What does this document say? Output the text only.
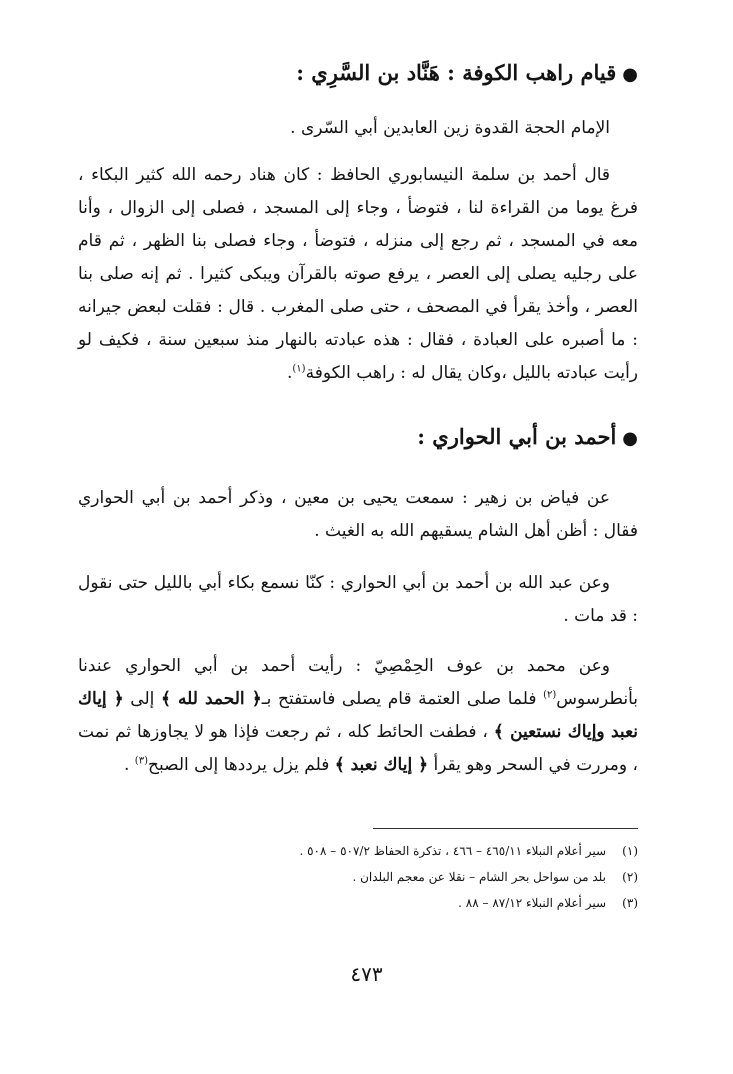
●قيام راهب الكوفة : هَنَّاد بن السَّرِي :

الإمام الحجة القدوة زين العابدين أبي السّرى .

قال أحمد بن سلمة النيسابوري الحافظ : كان هناد رحمه الله كثير البكاء ، فرغ يوما من القراءة لنا ، فتوضأ ، وجاء إلى المسجد ، فصلى إلى الزوال ، وأنا معه في المسجد ، ثم رجع إلى منزله ، فتوضأ ، وجاء فصلى بنا الظهر ، ثم قام على رجليه يصلى إلى العصر ، يرفع صوته بالقرآن ويبكى كثيرا . ثم إنه صلى بنا العصر ، وأخذ يقرأ في المصحف ، حتى صلى المغرب . قال : فقلت لبعض جيرانه : ما أصبره على العبادة ، فقال : هذه عبادته بالنهار منذ سبعين سنة ، فكيف لو رأيت عبادته بالليل ،وكان يقال له : راهب الكوفة$^{(١)}$.

●أحمد بن أبي الحواري :

عن فياض بن زهير : سمعت يحيى بن معين ، وذكر أحمد بن أبي الحواري فقال : أظن أهل الشام يسقيهم الله به الغيث .

وعن عبد الله بن أحمد بن أبي الحواري : كنّا نسمع بكاء أبي بالليل حتى نقول : قد مات .

وعن محمد بن عوف الحِمْصِيّ : رأيت أحمد بن أبي الحواري عندنا بأنطرسوس$^{(٢)}$ فلما صلى العتمة قام يصلى فاستفتح بـ﴿ الحمد لله ﴾ إلى ﴿ إياك نعبد وإياك نستعين ﴾ ، فطفت الحائط كله ، ثم رجعت فإذا هو لا يجاوزها ثم نمت ، ومررت في السحر وهو يقرأ ﴿ إياك نعبد ﴾ فلم يزل يرددها إلى الصبح$^{(٣)}$ .

(١)سير أعلام النبلاء ٤٦٥/١١ – ٤٦٦ ، تذكرة الحفاظ ٥٠٧/٢ – ٥٠٨ .
(٢)بلد من سواحل بحر الشام – نقلا عن معجم البلدان .
(٣)سير أعلام النبلاء ٨٧/١٢ – ٨٨ .

٤٧٣
